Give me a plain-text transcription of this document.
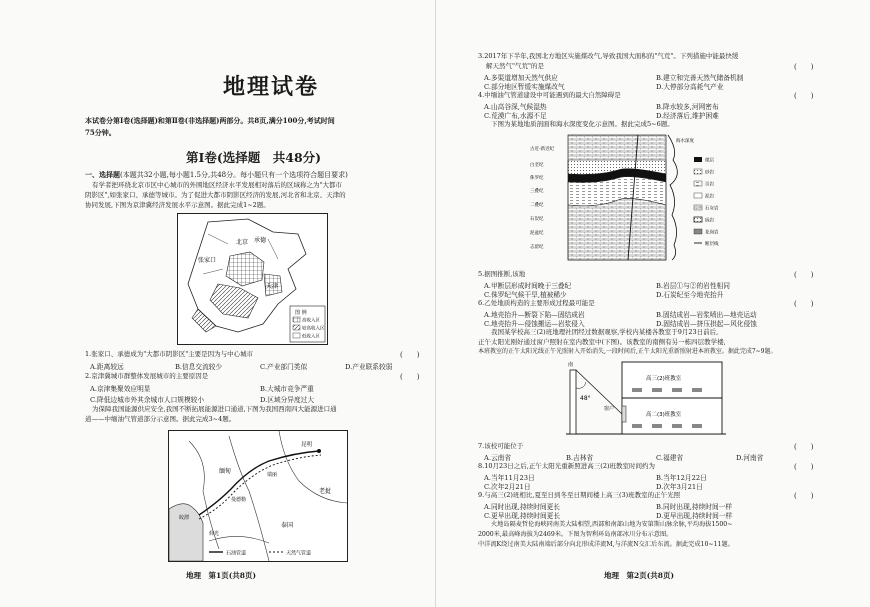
地理试卷
本试卷分第Ⅰ卷(选择题)和第Ⅱ卷(非选择题)两部分。共8页,满分100分,考试时间
75分钟。
第Ⅰ卷(选择题　共48分)
一、选择题(本题共32小题,每小题1.5分,共48分。每小题只有一个选项符合题目要求)
有学者把环绕北京市区中心城市的外围地区经济水平发展相对落后的区域称之为"大都市
阴影区",如张家口、承德等城市。为了促进大都市阴影区经济的发展,河北省和北京、天津的
协同发展,下图为京津冀经济发展水平示意图。据此完成1~2题。
北京 承德
张家口
天津
图 例
高收入区
较高收入区
低收入区
1.张家口、承德成为"大都市阴影区"主要是因为与中心城市	(　　)
A.距离较远	B.信息交流较少	C.产业部门类似	D.产业联系较弱
2.京津冀城市群整体发展城市的主要原因是	(　　)
A.京津集聚效应明显	B.大城市竞争严重
C.降低边城市外其余城市人口规模较小	D.区域分异度过大
为保障我国能源供应安全,我国不断拓展能源进口通道,下图为我国西南四大能源进口通
道——中缅油气管道部分示意图。据此完成3~4题。
昆明
缅甸	瑞丽
曼德勒
皎漂
仰光
泰国
老挝
石油管道	天然气管道
地理　第1页(共8页)
3.2017年下半年,我国北方地区实施煤改气,导致我国大面积的"气荒"。下列措施中能最快缓
解天然气"气荒"的是	(　　)
A.多渠道增加天然气供应	B.建立和完善天然气储备机制
C.部分地区暂缓实施煤改气	D.大停部分高耗气产业
4.中缅油气管道建设中可能遇到的最大自然障碍是	(　　)
A.山高谷深,气候湿热	B.降水较多,河网密布
C.荒漠广布,水源不足	D.经济落后,维护困难
下图为某地地质剖面和海水深度变化示意图。据此完成5~6题。
古近-新近纪
白垩纪
侏罗纪
三叠纪
二叠纪
石炭纪
泥盆纪
志留纪
海水深度
煤层
砂岩
页岩
泥岩
石灰岩
砾岩
花岗岩
断层线
5.据图推断,该地	(　　)
A.甲断层形成时间晚于三叠纪	B.岩层①与②的岩性相同
C.侏罗纪气候干旱,植被稀少	D.石炭纪至今地壳抬升
6.乙处地质构造的主要形成过程最可能是	(　　)
A.地壳抬升—断裂下陷—固结成岩	B.固结成岩—岩浆喷出—地壳运动
C.地壳抬升—侵蚀搬运—岩浆侵入	D.固结成岩—挤压拱起—风化侵蚀
我国某学校高三(2)班地理社团经过数据观察,学校内某楼各教室于9月23日前后,
正午太阳光刚好通过窗户照射在室内教室中(下图)。该教室的南侧有另一栋四层教学楼,
本班教室的正午太阳光线正午光照射入开始消失,一段时间后,正午太阳光重新照射进本班教室。据此完成7~9题。
48°
南
高三(2)班教室
高二(3)班教室
窗户
7.该校可能位于	(　　)
A.云南省	B.吉林省	C.福建省	D.河南省
8.10月23日之后,正午太阳光重新照进高三(2)班教室时间约为	(　　)
A.当年11月23日	B.当年12月22日
C.次年2月21日	D.次年3月21日
9.与高三(2)班相比,夏至日到冬至日期间楼上高三(3)班教室的正午光照	(　　)
A.同时出现,持续时间更长	B.同时出现,持续时间一样
C.更早出现,持续时间更长	D.更早出现,持续时间一样
火地岛隔麦哲伦海峡同南美大陆相望,西部和南部山地为安第斯山脉余脉,平均海拔1500~
2000米,最高峰海拔为2469米。下图为智利环岛南部冰川分布示意图。
中洋流K绕过南美大陆南端后部分向北形成洋流M,与洋流N交汇后东流。据此完成10~11题。
地理　第2页(共8页)
